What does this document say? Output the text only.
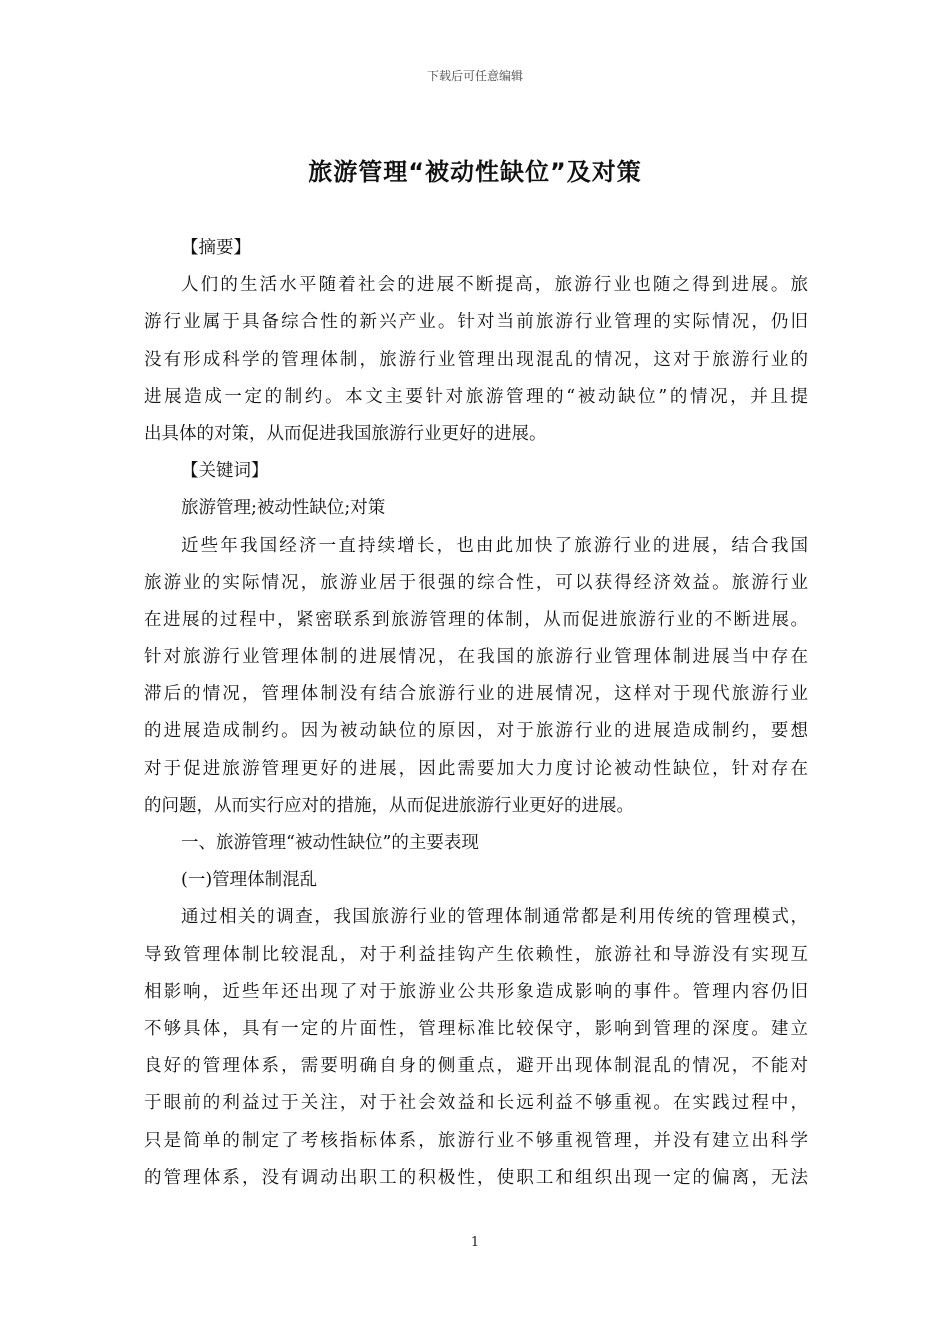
下载后可任意编辑
旅游管理“被动性缺位”及对策
【摘要】
人们的生活水平随着社会的进展不断提高，旅游行业也随之得到进展。旅
游行业属于具备综合性的新兴产业。针对当前旅游行业管理的实际情况，仍旧
没有形成科学的管理体制，旅游行业管理出现混乱的情况，这对于旅游行业的
进展造成一定的制约。本文主要针对旅游管理的“被动缺位”的情况，并且提
出具体的对策，从而促进我国旅游行业更好的进展。
【关键词】
旅游管理;被动性缺位;对策
近些年我国经济一直持续增长，也由此加快了旅游行业的进展，结合我国
旅游业的实际情况，旅游业居于很强的综合性，可以获得经济效益。旅游行业
在进展的过程中，紧密联系到旅游管理的体制，从而促进旅游行业的不断进展。
针对旅游行业管理体制的进展情况，在我国的旅游行业管理体制进展当中存在
滞后的情况，管理体制没有结合旅游行业的进展情况，这样对于现代旅游行业
的进展造成制约。因为被动缺位的原因，对于旅游行业的进展造成制约，要想
对于促进旅游管理更好的进展，因此需要加大力度讨论被动性缺位，针对存在
的问题，从而实行应对的措施，从而促进旅游行业更好的进展。
一、旅游管理“被动性缺位”的主要表现
(一)管理体制混乱
通过相关的调查，我国旅游行业的管理体制通常都是利用传统的管理模式，
导致管理体制比较混乱，对于利益挂钩产生依赖性，旅游社和导游没有实现互
相影响，近些年还出现了对于旅游业公共形象造成影响的事件。管理内容仍旧
不够具体，具有一定的片面性，管理标准比较保守，影响到管理的深度。建立
良好的管理体系，需要明确自身的侧重点，避开出现体制混乱的情况，不能对
于眼前的利益过于关注，对于社会效益和长远利益不够重视。在实践过程中，
只是简单的制定了考核指标体系，旅游行业不够重视管理，并没有建立出科学
的管理体系，没有调动出职工的积极性，使职工和组织出现一定的偏离，无法
1
